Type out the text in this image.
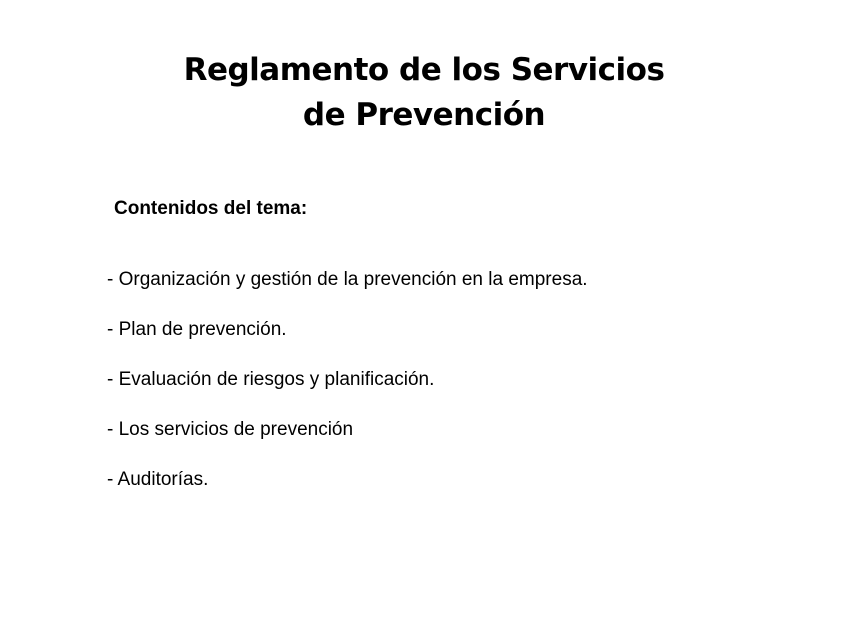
Reglamento de los Servicios
de Prevención
Contenidos del tema:
- Organización y gestión de la prevención en la empresa.
- Plan de prevención.
- Evaluación de riesgos y planificación.
- Los servicios de prevención
- Auditorías.
